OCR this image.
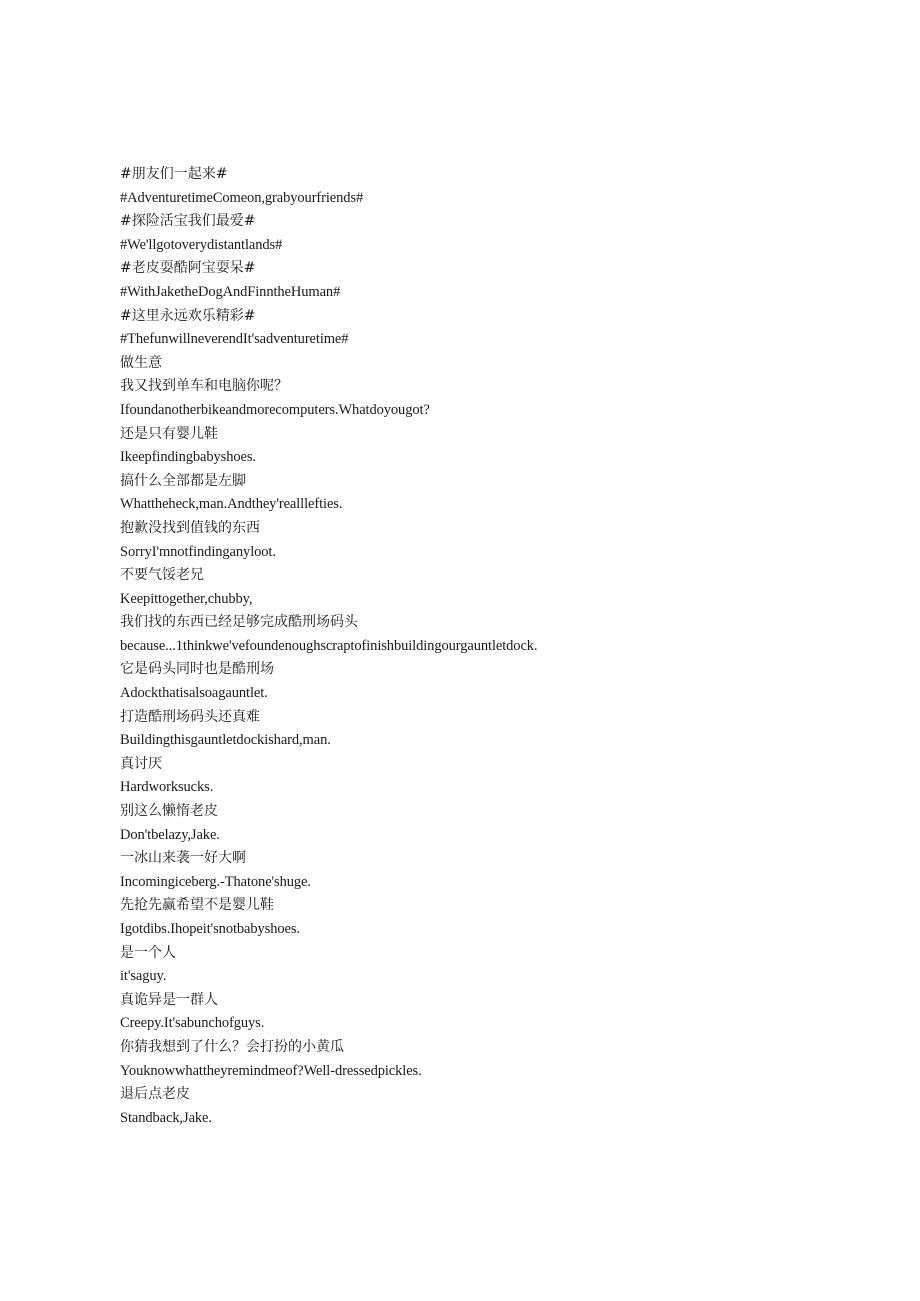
#朋友们一起来#
#AdventuretimeComeon,grabyourfriends#
#探险活宝我们最爱#
#We'llgotoverydistantlands#
#老皮耍酷阿宝耍呆#
#WithJaketheDogAndFinntheHuman#
#这里永远欢乐精彩#
#ThefunwillneverendIt'sadventuretime#
做生意
我又找到单车和电脑你呢？
Ifoundanotherbikeandmorecomputers.Whatdoyougot?
还是只有婴儿鞋
Ikeepfindingbabyshoes.
搞什么全部都是左脚
Whattheheck,man.Andthey'realllefties.
抱歉没找到值钱的东西
SorryI'mnotfindinganyloot.
不要气馁老兄
Keepittogether,chubby,
我们找的东西已经足够完成酷刑场码头
because...1thinkwe'vefoundenoughscraptofinishbuildingourgauntletdock.
它是码头同时也是酷刑场
Adockthatisalsoagauntlet.
打造酷刑场码头还真难
Buildingthisgauntletdockishard,man.
真讨厌
Hardworksucks.
别这么懒惰老皮
Don'tbelazy,Jake.
一冰山来袭一好大啊
Incomingiceberg.-Thatone'shuge.
先抢先赢希望不是婴儿鞋
Igotdibs.Ihopeit'snotbabyshoes.
是一个人
it'saguy.
真诡异是一群人
Creepy.It'sabunchofguys.
你猜我想到了什么？会打扮的小黄瓜
Youknowwhattheyremindmeof?Well-dressedpickles.
退后点老皮
Standback,Jake.
